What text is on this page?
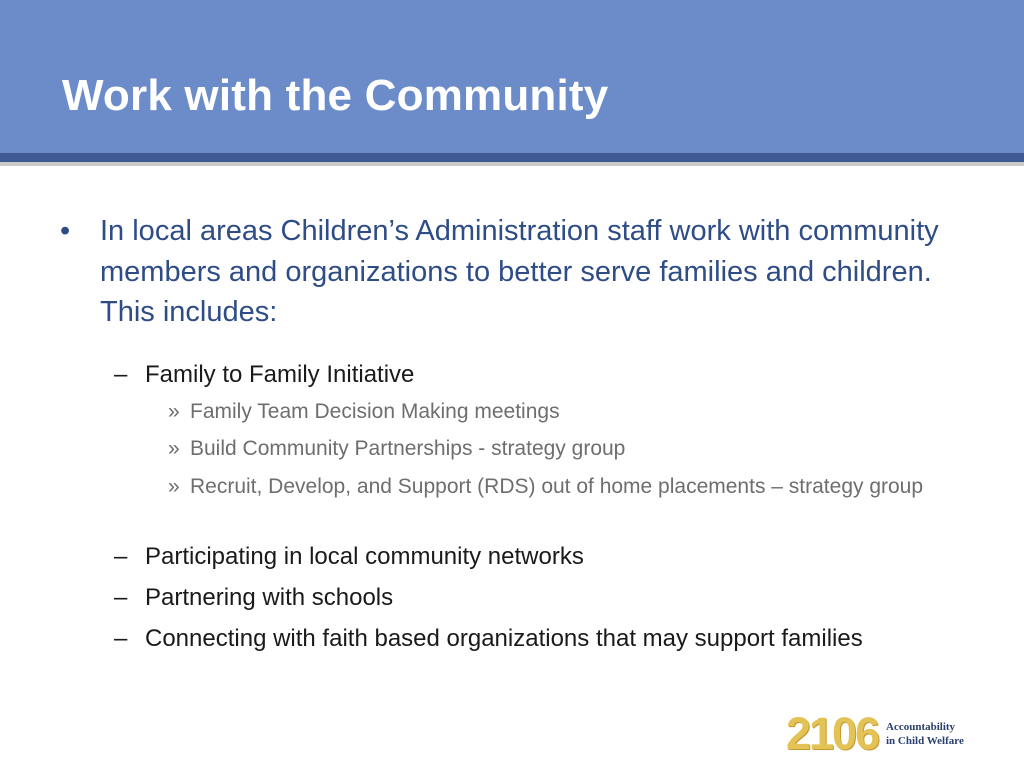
Work with the Community
• In local areas Children’s Administration staff work with community members and organizations to better serve families and children. This includes:
– Family to Family Initiative
» Family Team Decision Making meetings
» Build Community Partnerships - strategy group
» Recruit, Develop, and Support (RDS) out of home placements – strategy group
– Participating in local community networks
– Partnering with schools
– Connecting with faith based organizations that may support families
2106 Accountability
in Child Welfare
